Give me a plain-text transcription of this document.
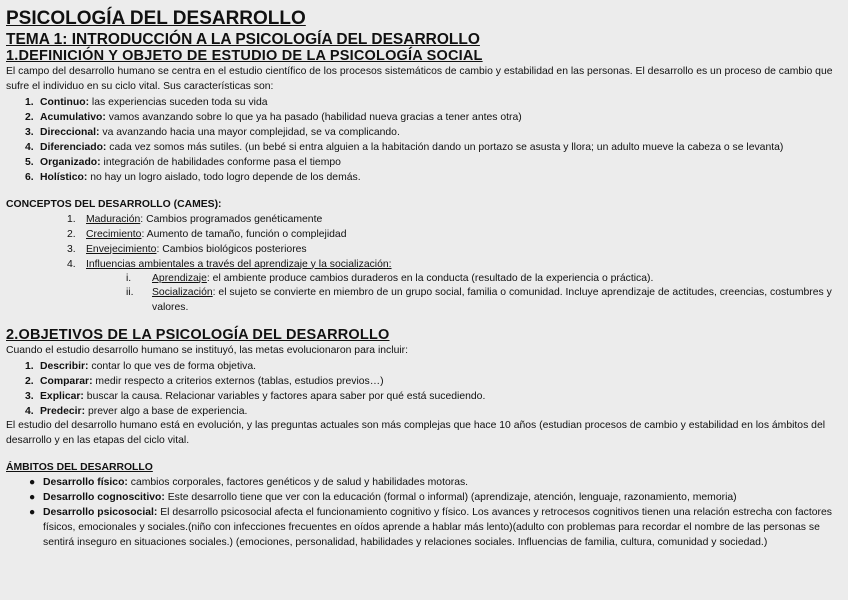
PSICOLOGÍA DEL DESARROLLO
TEMA 1: INTRODUCCIÓN A LA PSICOLOGÍA DEL DESARROLLO
1.DEFINICIÓN Y OBJETO DE ESTUDIO DE LA PSICOLOGÍA SOCIAL

El campo del desarrollo humano se centra en el estudio científico de los procesos sistemáticos de cambio y estabilidad en las personas. El desarrollo es un proceso de cambio que sufre el individuo en su ciclo vital. Sus características son:

1. Continuo: las experiencias suceden toda su vida
2. Acumulativo: vamos avanzando sobre lo que ya ha pasado (habilidad nueva gracias a tener antes otra)
3. Direccional: va avanzando hacia una mayor complejidad, se va complicando.
4. Diferenciado: cada vez somos más sutiles. (un bebé si entra alguien a la habitación dando un portazo se asusta y llora; un adulto mueve la cabeza o se levanta)
5. Organizado: integración de habilidades conforme pasa el tiempo
6. Holístico: no hay un logro aislado, todo logro depende de los demás.

CONCEPTOS DEL DESARROLLO (CAMES):

1. Maduración: Cambios programados genéticamente
2. Crecimiento: Aumento de tamaño, función o complejidad
3. Envejecimiento: Cambios biológicos posteriores
4. Influencias ambientales a través del aprendizaje y la socialización:
i. Aprendizaje: el ambiente produce cambios duraderos en la conducta (resultado de la experiencia o práctica).
ii. Socialización: el sujeto se convierte en miembro de un grupo social, familia o comunidad. Incluye aprendizaje de actitudes, creencias, costumbres y valores.
2.OBJETIVOS DE LA PSICOLOGÍA DEL DESARROLLO

Cuando el estudio desarrollo humano se instituyó, las metas evolucionaron para incluir:

1. Describir: contar lo que ves de forma objetiva.
2. Comparar: medir respecto a criterios externos (tablas, estudios previos…)
3. Explicar: buscar la causa. Relacionar variables y factores apara saber por qué está sucediendo.
4. Predecir: prever algo a base de experiencia.

El estudio del desarrollo humano está en evolución, y las preguntas actuales son más complejas que hace 10 años (estudian procesos de cambio y estabilidad en los ámbitos del desarrollo y en las etapas del ciclo vital.

ÁMBITOS DEL DESARROLLO

● Desarrollo físico: cambios corporales, factores genéticos y de salud y habilidades motoras.
● Desarrollo cognoscitivo: Este desarrollo tiene que ver con la educación (formal o informal) (aprendizaje, atención, lenguaje, razonamiento, memoria)
● Desarrollo psicosocial: El desarrollo psicosocial afecta el funcionamiento cognitivo y físico. Los avances y retrocesos cognitivos tienen una relación estrecha con factores físicos, emocionales y sociales.(niño con infecciones frecuentes en oídos aprende a hablar más lento)(adulto con problemas para recordar el nombre de las personas se sentirá inseguro en situaciones sociales.) (emociones, personalidad, habilidades y relaciones sociales. Influencias de familia, cultura, comunidad y sociedad.)
